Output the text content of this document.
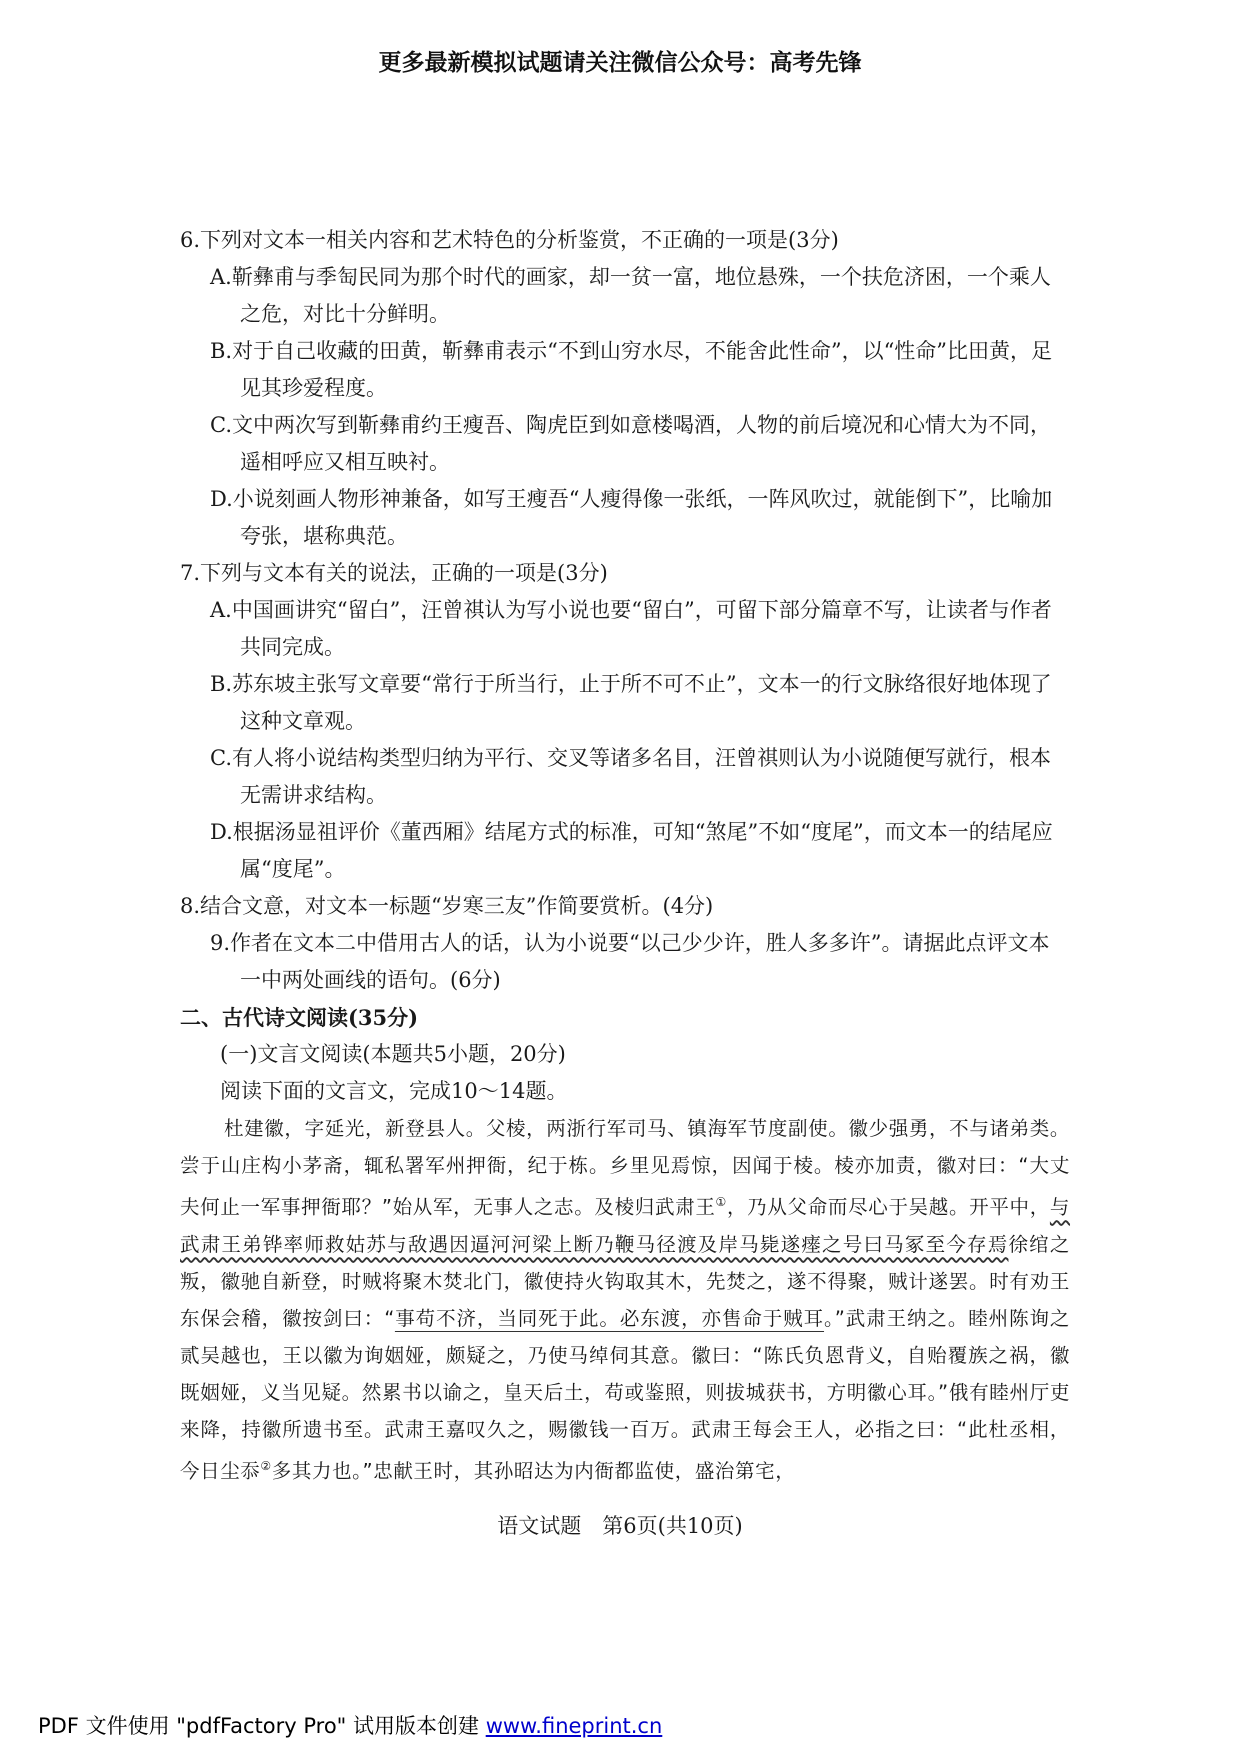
更多最新模拟试题请关注微信公众号：高考先锋

6.下列对文本一相关内容和艺术特色的分析鉴赏，不正确的一项是(3分)

A.靳彝甫与季匋民同为那个时代的画家，却一贫一富，地位悬殊，一个扶危济困，一个乘人之危，对比十分鲜明。

B.对于自己收藏的田黄，靳彝甫表示“不到山穷水尽，不能舍此性命”，以“性命”比田黄，足见其珍爱程度。

C.文中两次写到靳彝甫约王瘦吾、陶虎臣到如意楼喝酒，人物的前后境况和心情大为不同，遥相呼应又相互映衬。

D.小说刻画人物形神兼备，如写王瘦吾“人瘦得像一张纸，一阵风吹过，就能倒下”，比喻加夸张，堪称典范。

7.下列与文本有关的说法，正确的一项是(3分)

A.中国画讲究“留白”，汪曾祺认为写小说也要“留白”，可留下部分篇章不写，让读者与作者共同完成。

B.苏东坡主张写文章要“常行于所当行，止于所不可不止”，文本一的行文脉络很好地体现了这种文章观。

C.有人将小说结构类型归纳为平行、交叉等诸多名目，汪曾祺则认为小说随便写就行，根本无需讲求结构。

D.根据汤显祖评价《董西厢》结尾方式的标准，可知“煞尾”不如“度尾”，而文本一的结尾应属“度尾”。

8.结合文意，对文本一标题“岁寒三友”作简要赏析。(4分)

9.作者在文本二中借用古人的话，认为小说要“以己少少许，胜人多多许”。请据此点评文本一中两处画线的语句。(6分)

二、古代诗文阅读(35分)

(一)文言文阅读(本题共5小题，20分)

阅读下面的文言文，完成10～14题。

杜建徽，字延光，新登县人。父棱，两浙行军司马、镇海军节度副使。徽少强勇，不与诸弟类。尝于山庄构小茅斋，辄私署军州押衙，纪于栋。乡里见焉惊，因闻于棱。棱亦加责，徽对曰：“大丈夫何止一军事押衙耶？”始从军，无事人之志。及棱归武肃王①，乃从父命而尽心于吴越。开平中，与武肃王弟铧率师救姑苏与敌遇因逼河河梁上断乃鞭马径渡及岸马毙遂瘗之号曰马冢至今存焉徐绾之叛，徽驰自新登，时贼将聚木焚北门，徽使持火钩取其木，先焚之，遂不得聚，贼计遂罢。时有劝王东保会稽，徽按剑曰：“事苟不济，当同死于此。必东渡，亦售命于贼耳。”武肃王纳之。睦州陈询之贰吴越也，王以徽为询姻娅，颇疑之，乃使马绰伺其意。徽曰：“陈氏负恩背义，自贻覆族之祸，徽既姻娅，义当见疑。然累书以谕之，皇天后土，苟或鉴照，则拔城获书，方明徽心耳。”俄有睦州厅吏来降，持徽所遗书至。武肃王嘉叹久之，赐徽钱一百万。武肃王每会王人，必指之曰：“此杜丞相，今日尘忝②多其力也。”忠献王时，其孙昭达为内衙都监使，盛治第宅，

语文试题　第6页(共10页)
PDF 文件使用 "pdfFactory Pro" 试用版本创建 www.fineprint.cn
